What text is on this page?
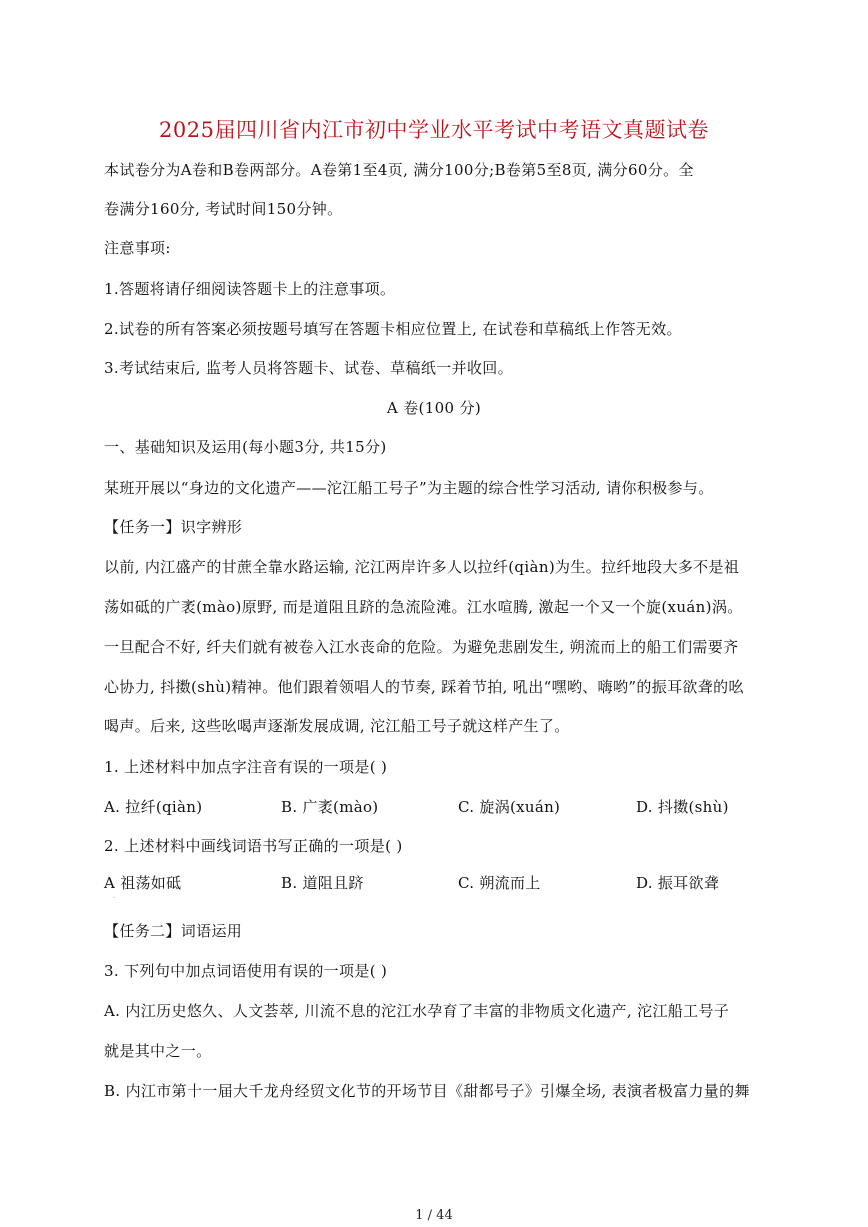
2025届四川省内江市初中学业水平考试中考语文真题试卷
本试卷分为A卷和B卷两部分。A卷第1至4页, 满分100分;B卷第5至8页, 满分60分。全
卷满分160分, 考试时间150分钟。
注意事项:
1.答题将请仔细阅读答题卡上的注意事项。
2.试卷的所有答案必须按题号填写在答题卡相应位置上, 在试卷和草稿纸上作答无效。
3.考试结束后, 监考人员将答题卡、试卷、草稿纸一并收回。
A 卷(100 分)
一、基础知识及运用(每小题3分, 共15分)
某班开展以“身边的文化遗产——沱江船工号子”为主题的综合性学习活动, 请你积极参与。
【任务一】识字辨形
以前, 内江盛产的甘蔗全靠水路运输, 沱江两岸许多人以拉纤(qiàn)为生。拉纤地段大多不是祖
荡如砥的广袤(mào)原野, 而是道阻且跻的急流险滩。江水喧腾, 激起一个又一个旋(xuán)涡。
一旦配合不好, 纤夫们就有被卷入江水丧命的危险。为避免悲剧发生, 朔流而上的船工们需要齐
心协力, 抖擞(shù)精神。他们跟着领唱人的节奏, 踩着节拍, 吼出“嘿哟、嗨哟”的振耳欲聋的吆
喝声。后来, 这些吆喝声逐渐发展成调, 沱江船工号子就这样产生了。
1. 上述材料中加点字注音有误的一项是( )
A. 拉纤(qiàn)	B. 广袤(mào)	C. 旋涡(xuán)	D. 抖擞(shù)
2. 上述材料中画线词语书写正确的一项是( )
A 祖荡如砥	B. 道阻且跻	C. 朔流而上	D. 振耳欲聋
·
【任务二】词语运用
3. 下列句中加点词语使用有误的一项是( )
A. 内江历史悠久、人文荟萃, 川流不息的沱江水孕育了丰富的非物质文化遗产, 沱江船工号子
就是其中之一。
B. 内江市第十一届大千龙舟经贸文化节的开场节目《甜都号子》引爆全场, 表演者极富力量的舞
1 / 44
